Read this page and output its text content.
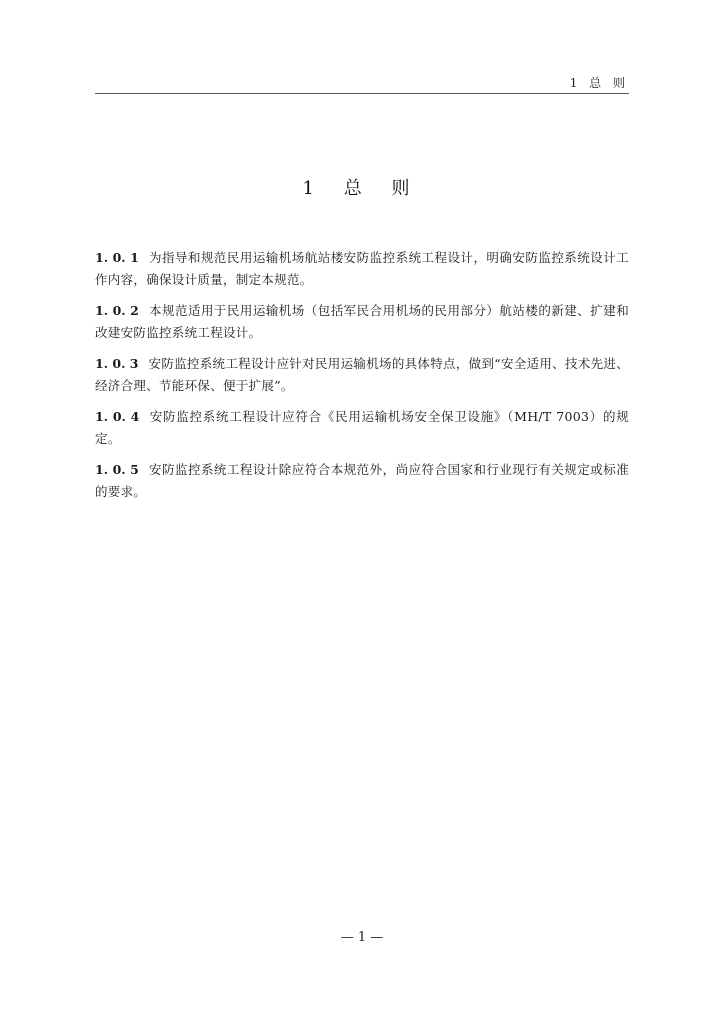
1 总 则
1 总 则

1. 0. 1 为指导和规范民用运输机场航站楼安防监控系统工程设计，明确安防监控系统设计工作内容，确保设计质量，制定本规范。

1. 0. 2 本规范适用于民用运输机场（包括军民合用机场的民用部分）航站楼的新建、扩建和改建安防监控系统工程设计。

1. 0. 3 安防监控系统工程设计应针对民用运输机场的具体特点，做到“安全适用、技术先进、经济合理、节能环保、便于扩展”。

1. 0. 4 安防监控系统工程设计应符合《民用运输机场安全保卫设施》（MH/T 7003）的规定。

1. 0. 5 安防监控系统工程设计除应符合本规范外，尚应符合国家和行业现行有关规定或标准的要求。

— 1 —
